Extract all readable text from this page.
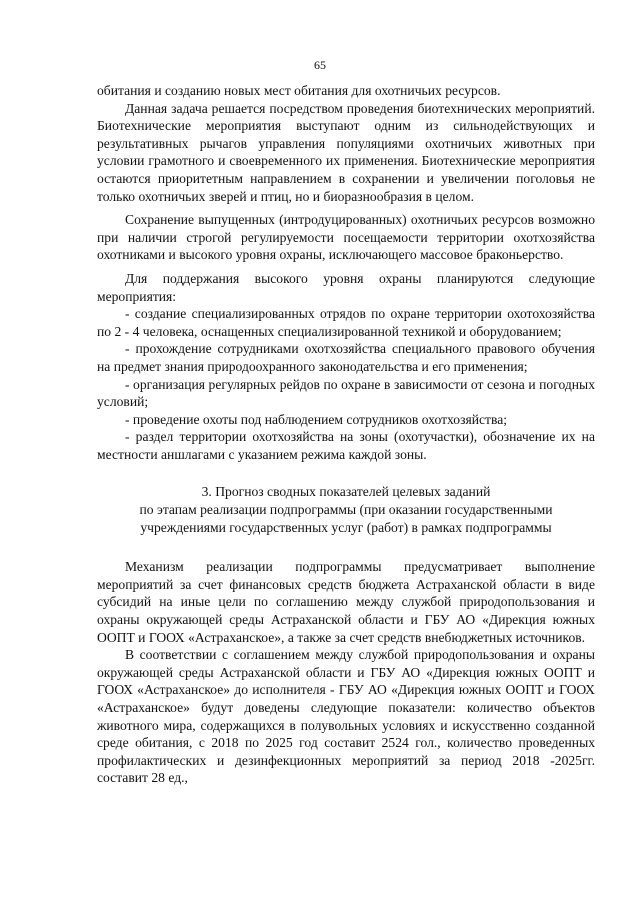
65

обитания и созданию новых мест обитания для охотничьих ресурсов.

Данная задача решается посредством проведения биотехнических мероприятий. Биотехнические мероприятия выступают одним из сильнодействующих и результативных рычагов управления популяциями охотничьих животных при условии грамотного и своевременного их применения. Биотехнические мероприятия остаются приоритетным направлением в сохранении и увеличении поголовья не только охотничьих зверей и птиц, но и биоразнообразия в целом.

Сохранение выпущенных (интродуцированных) охотничьих ресурсов возможно при наличии строгой регулируемости посещаемости территории охотхозяйства охотниками и высокого уровня охраны, исключающего массовое браконьерство.

Для поддержания высокого уровня охраны планируются следующие мероприятия:

- создание специализированных отрядов по охране территории охотохозяйства по 2 - 4 человека, оснащенных специализированной техникой и оборудованием;

- прохождение сотрудниками охотхозяйства специального правового обучения на предмет знания природоохранного законодательства и его применения;

- организация регулярных рейдов по охране в зависимости от сезона и погодных условий;

- проведение охоты под наблюдением сотрудников охотхозяйства;

- раздел территории охотхозяйства на зоны (охотучастки), обозначение их на местности аншлагами с указанием режима каждой зоны.

3. Прогноз сводных показателей целевых заданий
по этапам реализации подпрограммы (при оказании государственными
учреждениями государственных услуг (работ) в рамках подпрограммы

Механизм реализации подпрограммы предусматривает выполнение мероприятий за счет финансовых средств бюджета Астраханской области в виде субсидий на иные цели по соглашению между службой природопользования и охраны окружающей среды Астраханской области и ГБУ АО «Дирекция южных ООПТ и ГООХ «Астраханское», а также за счет средств внебюджетных источников.

В соответствии с соглашением между службой природопользования и охраны окружающей среды Астраханской области и ГБУ АО «Дирекция южных ООПТ и ГООХ «Астраханское» до исполнителя - ГБУ АО «Дирекция южных ООПТ и ГООХ «Астраханское» будут доведены следующие показатели: количество объектов животного мира, содержащихся в полувольных условиях и искусственно созданной среде обитания, с 2018 по 2025 год составит 2524 гол., количество проведенных профилактических и дезинфекционных мероприятий за период 2018 -2025гг. составит 28 ед.,
